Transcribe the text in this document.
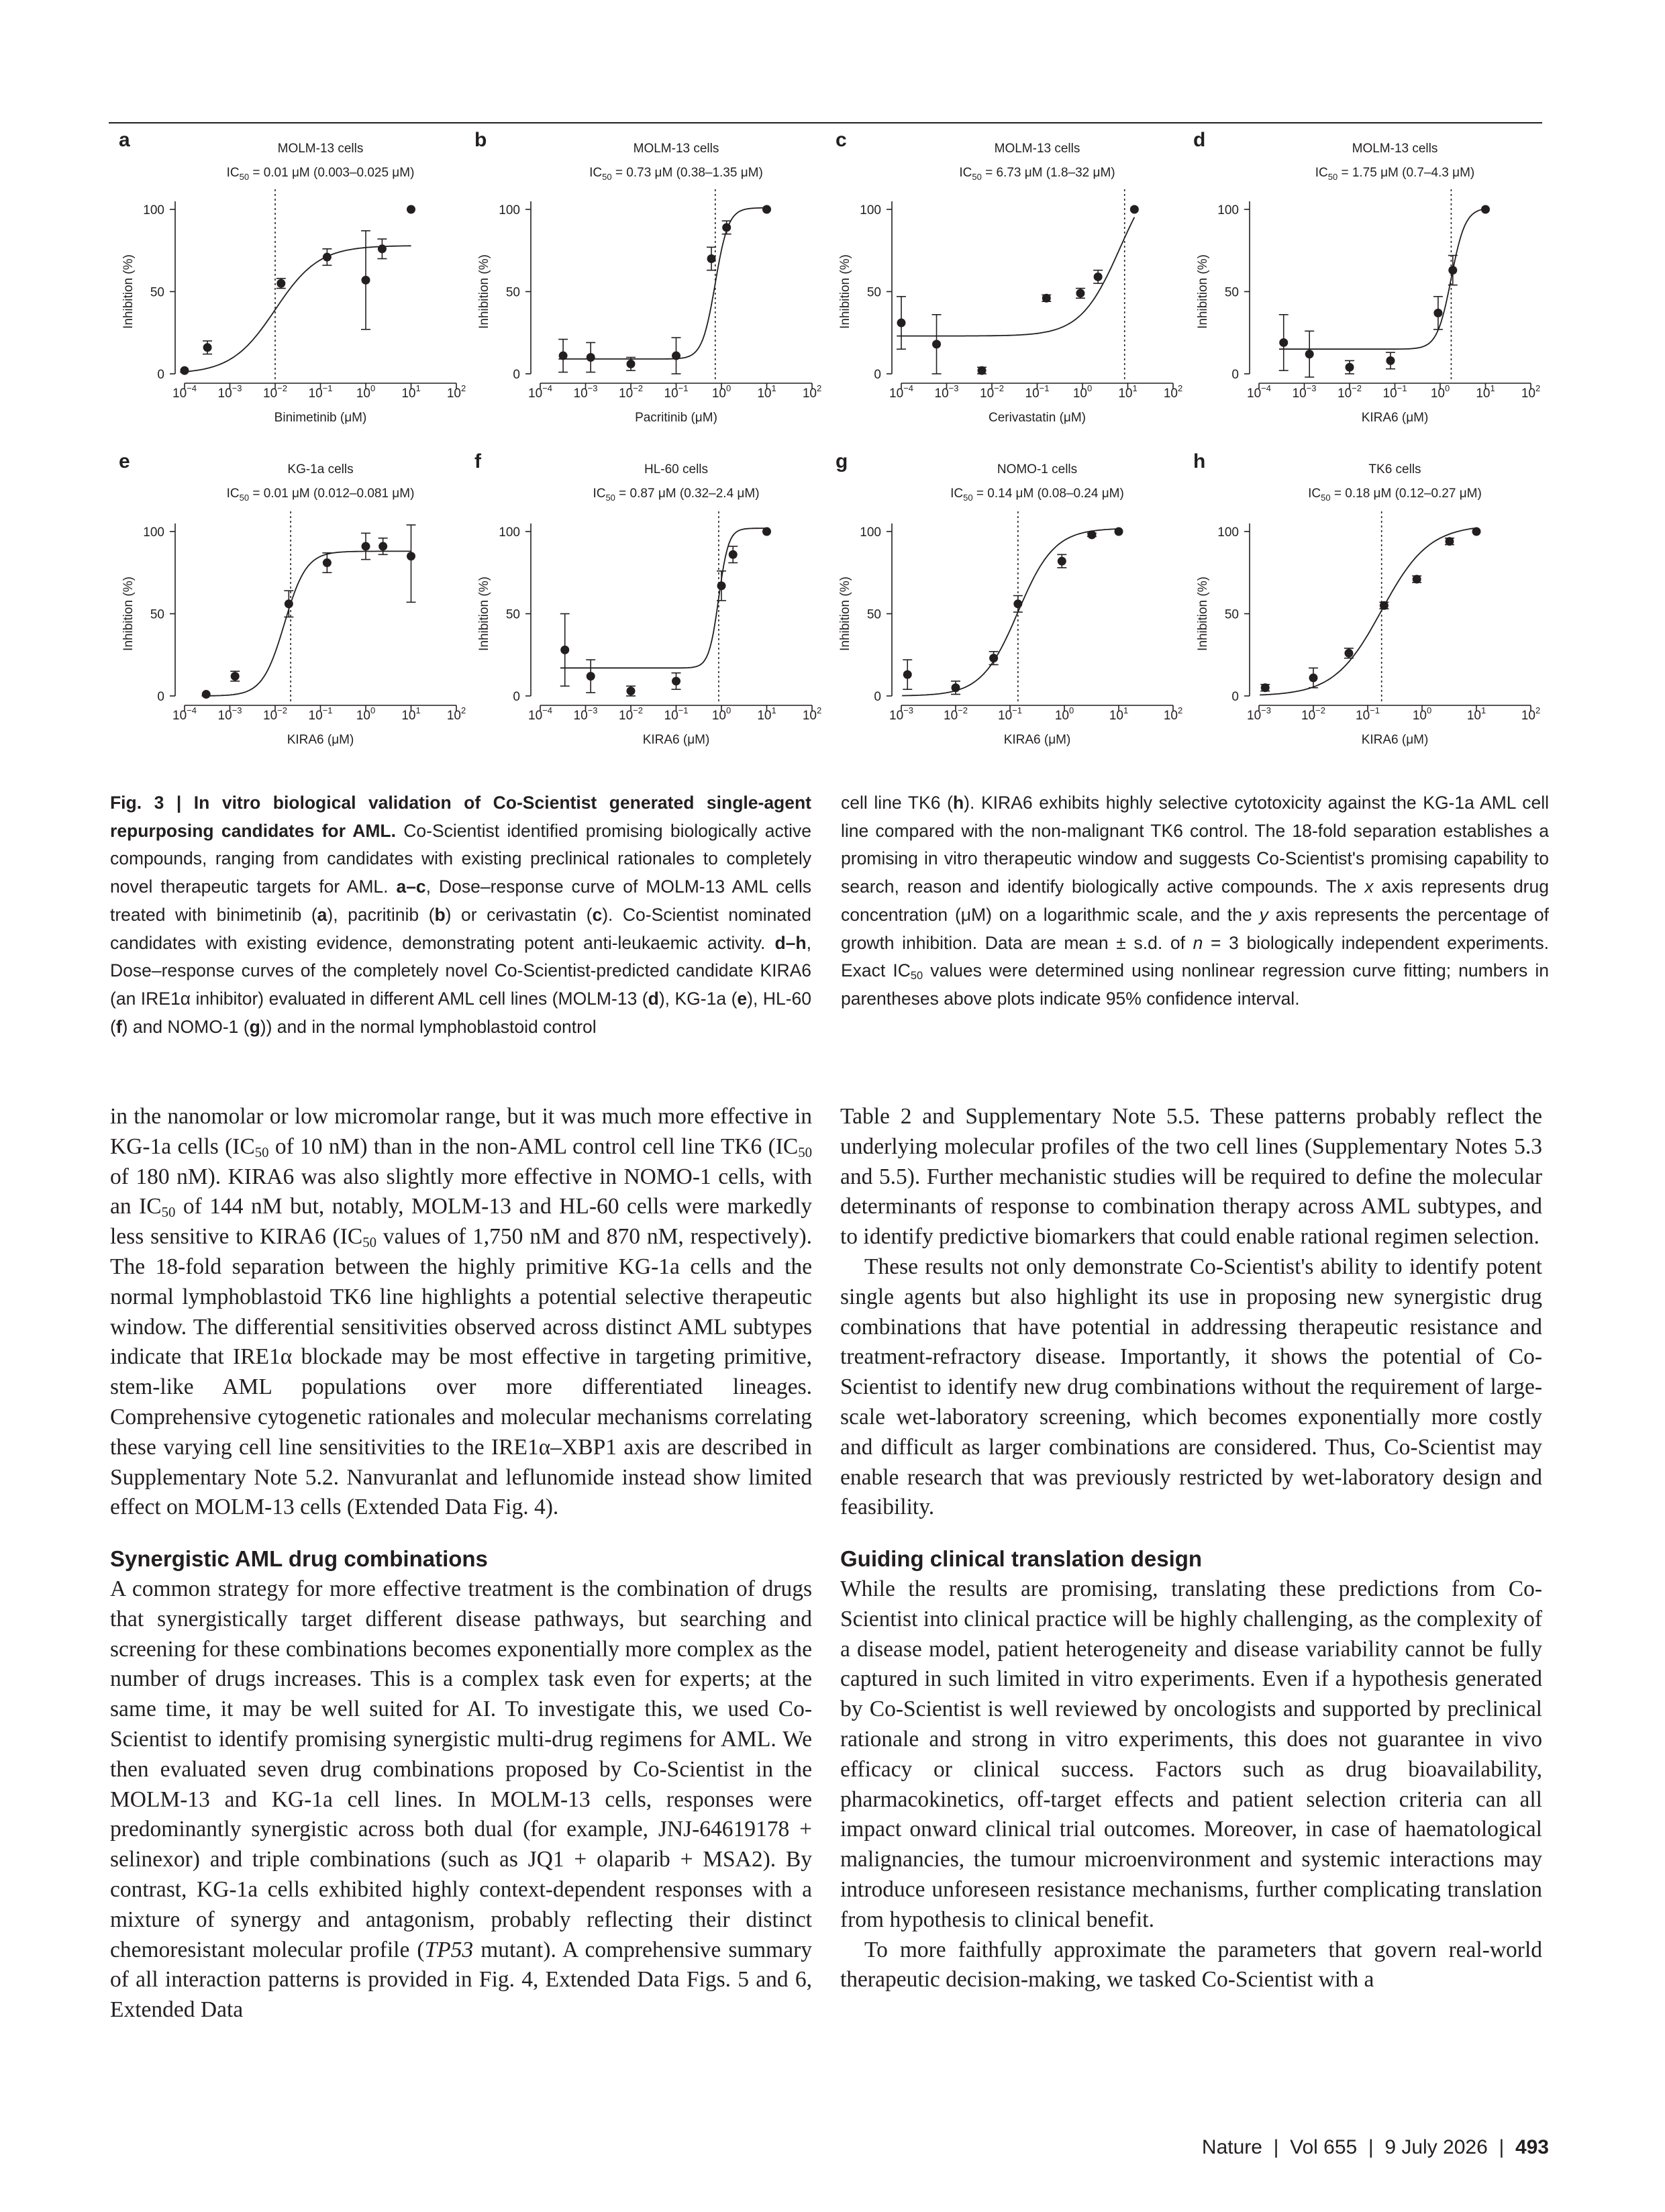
a	MOLM-13 cells
$IC_{50} = 0.01$ μM (0.003–0.025 μM)
0
50
100
$10^{-4}$ $10^{-3}$ $10^{-2}$ $10^{-1}$ $10^0$ $10^1$ $10^2$
Binimetinib (μM)
Inhibition (%)
b	MOLM-13 cells
$IC_{50} = 0.73$ μM (0.38–1.35 μM)
0
50
100
$10^{-4}$ $10^{-3}$ $10^{-2}$ $10^{-1}$ $10^0$ $10^1$ $10^2$
Pacritinib (μM)
Inhibition (%)
c	MOLM-13 cells
$IC_{50} = 6.73$ μM (1.8–32 μM)
0
50
100
$10^{-4}$ $10^{-3}$ $10^{-2}$ $10^{-1}$ $10^0$ $10^1$ $10^2$
Cerivastatin (μM)
Inhibition (%)
d	MOLM-13 cells
$IC_{50} = 1.75$ μM (0.7–4.3 μM)
0
50
100
$10^{-4}$ $10^{-3}$ $10^{-2}$ $10^{-1}$ $10^0$ $10^1$ $10^2$
KIRA6 (μM)
Inhibition (%)
e	KG-1a cells
$IC_{50} = 0.01$ μM (0.012–0.081 μM)
0
50
100
$10^{-4}$ $10^{-3}$ $10^{-2}$ $10^{-1}$ $10^0$ $10^1$ $10^2$
KIRA6 (μM)
Inhibition (%)
f	HL-60 cells
$IC_{50} = 0.87$ μM (0.32–2.4 μM)
0
50
100
$10^{-4}$ $10^{-3}$ $10^{-2}$ $10^{-1}$ $10^0$ $10^1$ $10^2$
KIRA6 (μM)
Inhibition (%)
g	NOMO-1 cells
$IC_{50} = 0.14$ μM (0.08–0.24 μM)
0
50
100
$10^{-3}$ $10^{-2}$ $10^{-1}$	$10^0$	$10^1$	$10^2$
KIRA6 (μM)
Inhibition (%)
h	TK6 cells
$IC_{50} = 0.18$ μM (0.12–0.27 μM)
0
50
100
$10^{-3}$ $10^{-2}$ $10^{-1}$	$10^0$	$10^1$	$10^2$
KIRA6 (μM)
Inhibition (%)
Fig. 3 | In vitro biological validation of Co-Scientist generated single-agent repurposing candidates for AML. Co-Scientist identified promising biologically active compounds, ranging from candidates with existing preclinical rationales to completely novel therapeutic targets for AML. a–c, Dose–response curve of MOLM-13 AML cells treated with binimetinib (a), pacritinib (b) or cerivastatin (c). Co-Scientist nominated candidates with existing evidence, demonstrating potent anti-leukaemic activity. d–h, Dose–response curves of the completely novel Co-Scientist-predicted candidate KIRA6 (an IRE1α inhibitor) evaluated in different AML cell lines (MOLM-13 (d), KG-1a (e), HL-60 (f) and NOMO-1 (g)) and in the normal lymphoblastoid control
cell line TK6 (h). KIRA6 exhibits highly selective cytotoxicity against the KG-1a AML cell line compared with the non-malignant TK6 control. The 18-fold separation establishes a promising in vitro therapeutic window and suggests Co-Scientist's promising capability to search, reason and identify biologically active compounds. The x axis represents drug concentration (μM) on a logarithmic scale, and the y axis represents the percentage of growth inhibition. Data are mean ± s.d. of n = 3 biologically independent experiments. Exact $IC_{50}$ values were determined using nonlinear regression curve fitting; numbers in parentheses above plots indicate 95% confidence interval.

in the nanomolar or low micromolar range, but it was much more effective in KG-1a cells ($IC_{50}$ of 10 nM) than in the non-AML control cell line TK6 ($IC_{50}$ of 180 nM). KIRA6 was also slightly more effective in NOMO-1 cells, with an $IC_{50}$ of 144 nM but, notably, MOLM-13 and HL-60 cells were markedly less sensitive to KIRA6 ($IC_{50}$ values of 1,750 nM and 870 nM, respectively). The 18-fold separation between the highly primitive KG-1a cells and the normal lymphoblastoid TK6 line highlights a potential selective therapeutic window. The differential sensitivities observed across distinct AML subtypes indicate that IRE1α blockade may be most effective in targeting primitive, stem-like AML populations over more differentiated lineages. Comprehensive cytogenetic rationales and molecular mechanisms correlating these varying cell line sensitivities to the IRE1α–XBP1 axis are described in Supplementary Note 5.2. Nanvuranlat and leflunomide instead show limited effect on MOLM-13 cells (Extended Data Fig. 4).

Synergistic AML drug combinations

A common strategy for more effective treatment is the combination of drugs that synergistically target different disease pathways, but searching and screening for these combinations becomes exponentially more complex as the number of drugs increases. This is a complex task even for experts; at the same time, it may be well suited for AI. To investigate this, we used Co-Scientist to identify promising synergistic multi-drug regimens for AML. We then evaluated seven drug combinations proposed by Co-Scientist in the MOLM-13 and KG-1a cell lines. In MOLM-13 cells, responses were predominantly synergistic across both dual (for example, JNJ-64619178 + selinexor) and triple combinations (such as JQ1 + olaparib + MSA2). By contrast, KG-1a cells exhibited highly context-dependent responses with a mixture of synergy and antagonism, probably reflecting their distinct chemoresistant molecular profile (TP53 mutant). A comprehensive summary of all interaction patterns is provided in Fig. 4, Extended Data Figs. 5 and 6, Extended Data

Table 2 and Supplementary Note 5.5. These patterns probably reflect the underlying molecular profiles of the two cell lines (Supplementary Notes 5.3 and 5.5). Further mechanistic studies will be required to define the molecular determinants of response to combination therapy across AML subtypes, and to identify predictive biomarkers that could enable rational regimen selection.

These results not only demonstrate Co-Scientist's ability to identify potent single agents but also highlight its use in proposing new synergistic drug combinations that have potential in addressing therapeutic resistance and treatment-refractory disease. Importantly, it shows the potential of Co-Scientist to identify new drug combinations without the requirement of large-scale wet-laboratory screening, which becomes exponentially more costly and difficult as larger combinations are considered. Thus, Co-Scientist may enable research that was previously restricted by wet-laboratory design and feasibility.

Guiding clinical translation design

While the results are promising, translating these predictions from Co-Scientist into clinical practice will be highly challenging, as the complexity of a disease model, patient heterogeneity and disease variability cannot be fully captured in such limited in vitro experiments. Even if a hypothesis generated by Co-Scientist is well reviewed by oncologists and supported by preclinical rationale and strong in vitro experiments, this does not guarantee in vivo efficacy or clinical success. Factors such as drug bioavailability, pharmacokinetics, off-target effects and patient selection criteria can all impact onward clinical trial outcomes. Moreover, in case of haematological malignancies, the tumour microenvironment and systemic interactions may introduce unforeseen resistance mechanisms, further complicating translation from hypothesis to clinical benefit.

To more faithfully approximate the parameters that govern real-world therapeutic decision-making, we tasked Co-Scientist with a

Nature  |  Vol 655  |  9 July 2026  |  493
